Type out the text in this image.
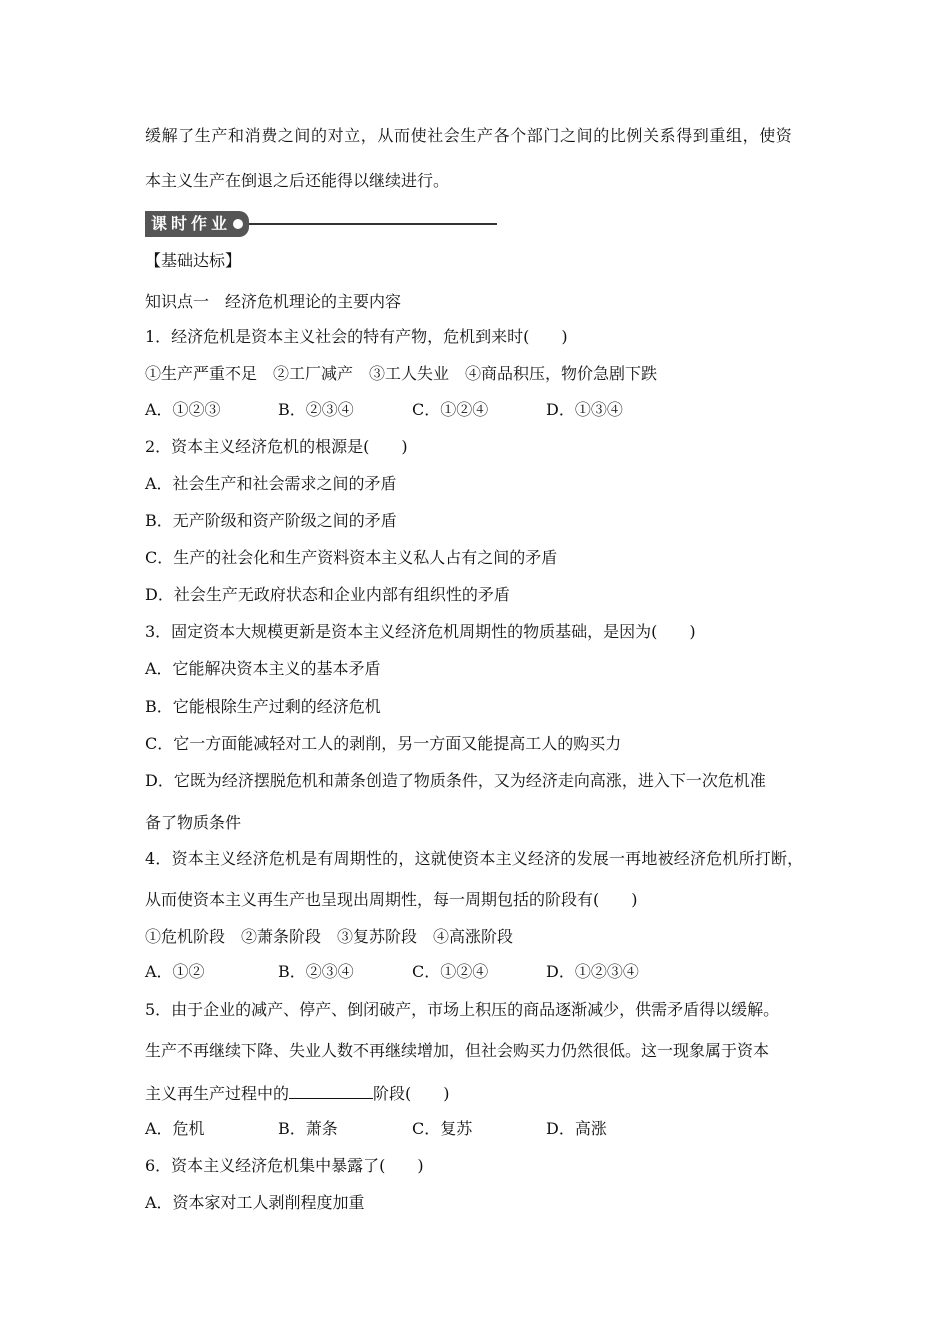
缓解了生产和消费之间的对立，从而使社会生产各个部门之间的比例关系得到重组，使资
本主义生产在倒退之后还能得以继续进行。
课时作业
【基础达标】
知识点一　经济危机理论的主要内容
1．经济危机是资本主义社会的特有产物，危机到来时(　　)
①生产严重不足　②工厂减产　③工人失业　④商品积压，物价急剧下跌
A．①②③	B．②③④	C．①②④	D．①③④
2．资本主义经济危机的根源是(　　)
A．社会生产和社会需求之间的矛盾
B．无产阶级和资产阶级之间的矛盾
C．生产的社会化和生产资料资本主义私人占有之间的矛盾
D．社会生产无政府状态和企业内部有组织性的矛盾
3．固定资本大规模更新是资本主义经济危机周期性的物质基础，是因为(　　)
A．它能解决资本主义的基本矛盾
B．它能根除生产过剩的经济危机
C．它一方面能减轻对工人的剥削，另一方面又能提高工人的购买力
D．它既为经济摆脱危机和萧条创造了物质条件，又为经济走向高涨，进入下一次危机准
备了物质条件
4．资本主义经济危机是有周期性的，这就使资本主义经济的发展一再地被经济危机所打断，
从而使资本主义再生产也呈现出周期性，每一周期包括的阶段有(　　)
①危机阶段　②萧条阶段　③复苏阶段　④高涨阶段
A．①②	B．②③④	C．①②④	D．①②③④
5．由于企业的减产、停产、倒闭破产，市场上积压的商品逐渐减少，供需矛盾得以缓解。
生产不再继续下降、失业人数不再继续增加，但社会购买力仍然很低。这一现象属于资本
主义再生产过程中的	阶段(　　)
A．危机	B．萧条	C．复苏	D．高涨
6．资本主义经济危机集中暴露了(　　)
A．资本家对工人剥削程度加重
